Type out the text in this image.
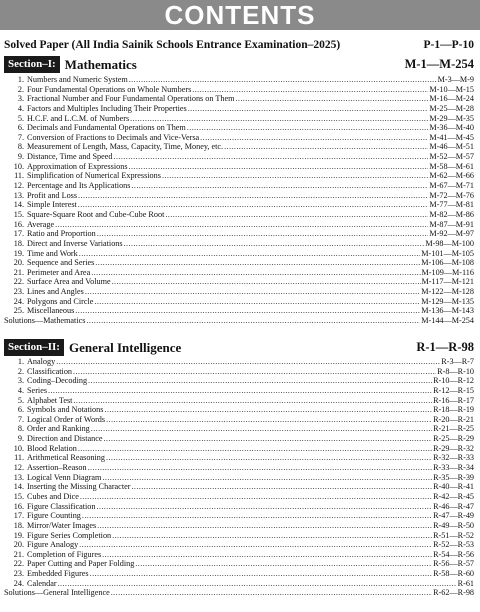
CONTENTS
Solved Paper (All India Sainik Schools Entrance Examination–2025)	P-1—P-10
Section–I: Mathematics	M-1—M-254
1. Numbers and Numeric System .....	M-3—M-9
2. Four Fundamental Operations on Whole Numbers .....	M-10—M-15
3. Fractional Number and Four Fundamental Operations on Them .....	M-16—M-24
4. Factors and Multiples Including Their Properties .....	M-25—M-28
5. H.C.F. and L.C.M. of Numbers .....	M-29—M-35
6. Decimals and Fundamental Operations on Them .....	M-36—M-40
7. Conversion of Fractions to Decimals and Vice-Versa .....	M-41—M-45
8. Measurement of Length, Mass, Capacity, Time, Money, etc. .....	M-46—M-51
9. Distance, Time and Speed .....	M-52—M-57
10. Approximation of Expressions .....	M-58—M-61
11. Simplification of Numerical Expressions .....	M-62—M-66
12. Percentage and Its Applications .....	M-67—M-71
13. Profit and Loss .....	M-72—M-76
14. Simple Interest .....	M-77—M-81
15. Square-Square Root and Cube-Cube Root .....	M-82—M-86
16. Average .....	M-87—M-91
17. Ratio and Proportion .....	M-92—M-97
18. Direct and Inverse Variations .....	M-98—M-100
19. Time and Work .....	M-101—M-105
20. Sequence and Series .....	M-106—M-108
21. Perimeter and Area .....	M-109—M-116
22. Surface Area and Volume .....	M-117—M-121
23. Lines and Angles .....	M-122—M-128
24. Polygons and Circle .....	M-129—M-135
25. Miscellaneous .....	M-136—M-143
Solutions—Mathematics .....	M-144—M-254
Section–II: General Intelligence	R-1—R-98
1. Analogy .....	R-3—R-7
2. Classification .....	R-8—R-10
3. Coding–Decoding .....	R-10—R-12
4. Series .....	R-12—R-15
5. Alphabet Test .....	R-16—R-17
6. Symbols and Notations .....	R-18—R-19
7. Logical Order of Words .....	R-20—R-21
8. Order and Ranking .....	R-21—R-25
9. Direction and Distance .....	R-25—R-29
10. Blood Relation .....	R-29—R-32
11. Arithmetical Reasoning .....	R-32—R-33
12. Assertion–Reason .....	R-33—R-34
13. Logical Venn Diagram .....	R-35—R-39
14. Inserting the Missing Character .....	R-40—R-41
15. Cubes and Dice .....	R-42—R-45
16. Figure Classification .....	R-46—R-47
17. Figure Counting .....	R-47—R-49
18. Mirror/Water Images .....	R-49—R-50
19. Figure Series Completion .....	R-51—R-52
20. Figure Analogy .....	R-52—R-53
21. Completion of Figures .....	R-54—R-56
22. Paper Cutting and Paper Folding .....	R-56—R-57
23. Embedded Figures .....	R-58—R-60
24. Calendar .....	R-61
Solutions—General Intelligence .....	R-62—R-98
